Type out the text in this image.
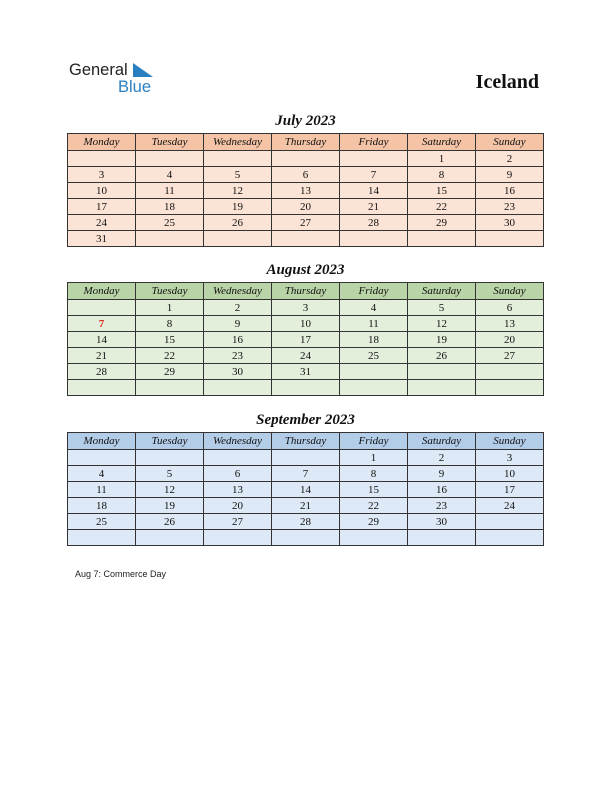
General
Blue	Iceland
July 2023
Monday	Tuesday	Wednesday	Thursday	Friday	Saturday	Sunday
					1	2
3	4	5	6	7	8	9
10	11	12	13	14	15	16
17	18	19	20	21	22	23
24	25	26	27	28	29	30
31						
August 2023
Monday	Tuesday	Wednesday	Thursday	Friday	Saturday	Sunday
	1	2	3	4	5	6
7	8	9	10	11	12	13
14	15	16	17	18	19	20
21	22	23	24	25	26	27
28	29	30	31			

September 2023
Monday	Tuesday	Wednesday	Thursday	Friday	Saturday	Sunday
				1	2	3
4	5	6	7	8	9	10
11	12	13	14	15	16	17
18	19	20	21	22	23	24
25	26	27	28	29	30	

Aug 7: Commerce Day
